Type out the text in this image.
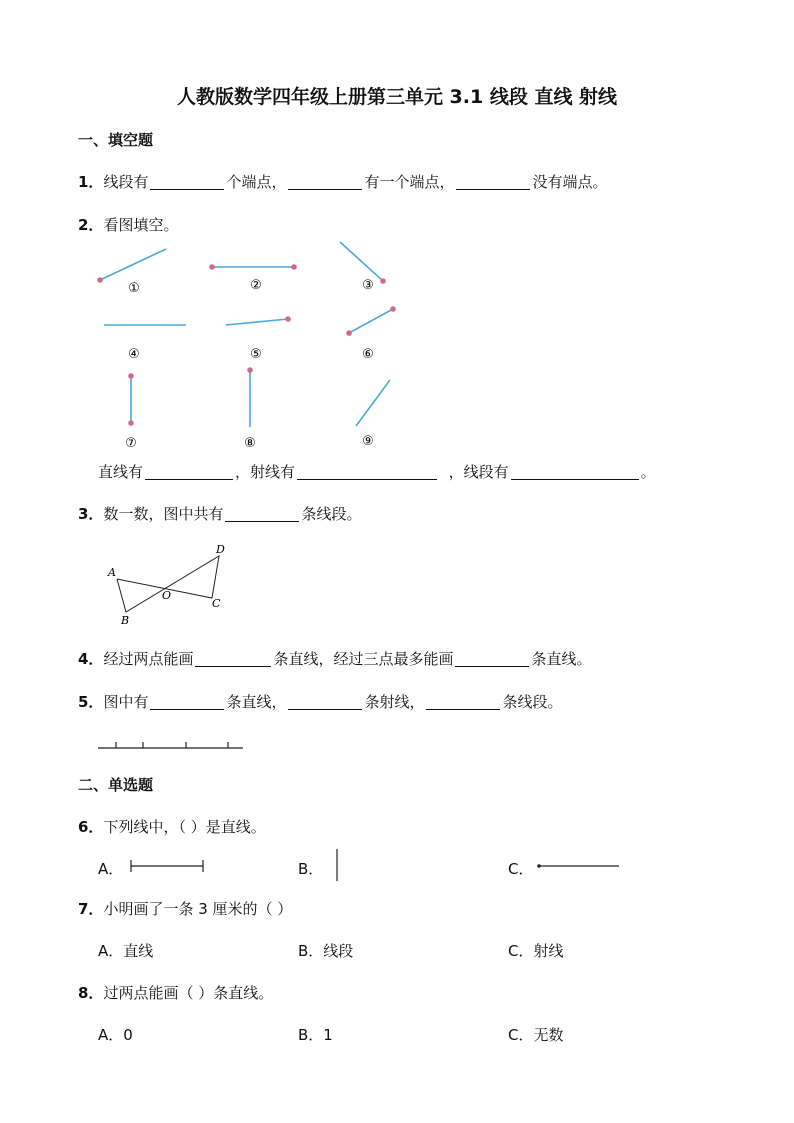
人教版数学四年级上册第三单元 3.1 线段 直线 射线
一、填空题
1．线段有	个端点，	有一个端点，	没有端点。
2．看图填空。
①	②	③
④	⑤	⑥
⑦	⑧	⑨
直线有	，射线有	，线段有	。
3．数一数，图中共有	条线段。
A
B
O
C
D
4．经过两点能画	条直线，经过三点最多能画	条直线。
5．图中有	条直线，	条射线，	条线段。
二、单选题
6．下列线中，（ ）是直线。
A．	B．	C．
7．小明画了一条 3 厘米的（ ）
A．直线	B．线段	C．射线
8．过两点能画（ ）条直线。
A．0	B．1	C．无数
